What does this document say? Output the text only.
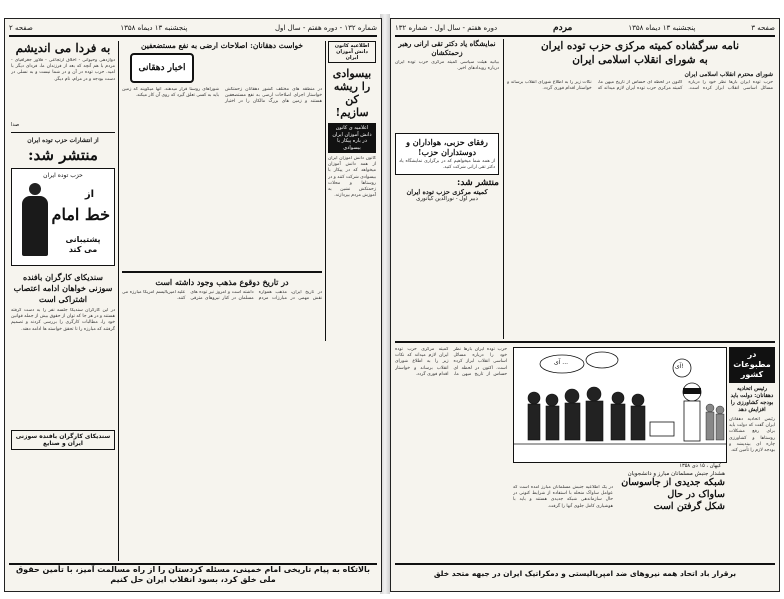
شماره ۱۳۲ - دوره هفتم - سال اول
پنجشنبه ۱۳ دیماه ۱۳۵۸
صفحه ۲
به فردا می اندیشم
دوازدهی وحیوانی - اخلاق ارتجاعی - فلاور جغرافیای - مردم با هم آنچه که بعد از فرزندان ما، فردای دیگر با امید. حزب توده در آن و در شما نیست و به نسلی در دست بودجه و در مرام، نام دیگر.
صدا
از انتشارات حزب توده ایران
منتشر شد:
حزب توده ایران
از
خط امام
پشتیبانی می کند
سندیکای کارگران بافنده سوزنی خواهان ادامه اعتصاب اشتراکی است
در این کارگران سندیکا جلسه نفر را به دست گرفته هستند و در هر جا که توان از حقوق بیش از جمله قوانین خود را، مطالبات کارگری را بررسی کردند و تصمیم گرفتند که مبارزه را تا تحقق خواسته ها ادامه دهند.
سندیکای کارگران بافنده سوزنی ایران و صنایع
خواست دهقانان: اصلاحات ارضی به نفع مستضعفین
اخبار دهقانی
در منطقه های مختلف کشور دهقانان زحمتکش خواستار اجرای اصلاحات ارضی به نفع مستضعفین هستند و زمین های بزرگ مالکان را در اختیار شوراهای روستا قرار میدهند. آنها میگویند که زمین باید به کسی تعلق گیرد که روی آن کار میکند.
در تاریخ دوقوع مذهب وجود داشته است
در تاریخ ایران، مذهب همواره نقش مهمی در مبارزات مردم داشته است و امروز نیز توده های مسلمان در کنار نیروهای مترقی علیه امپریالیسم آمریکا مبارزه می کنند.
اطلاعیه کانون دانش آموزان ایران
بیسوادی را ریشه کن سازیم!
اعلامیه ی کانون دانش آموزان ایران در باره پیکار با بیسوادی
کانون دانش آموزان ایران از همه دانش آموزان میخواهد که در پیکار با بیسوادی شرکت کنند و در روستاها و محلات زحمتکش نشین به آموزش مردم بپردازند.
بالاتکاه به پیام تاریخی امام خمینی، مسئله کردستان را از راه مسالمت آمیز، با تأمین حقوق ملی خلق کرد، بسود انقلاب ایران حل کنیم
صفحه ۳
پنجشنبه ۱۳ دیماه ۱۳۵۸
مردم
دوره هفتم - سال اول - شماره ۱۳۲
نامه سرگشاده کمیته مرکزی حزب توده ایران
به شورای انقلاب اسلامی ایران
شورای محترم انقلاب اسلامی ایران
حزب توده ایران بارها نظر خود را درباره مسائل اساسی انقلاب ابراز کرده است. اکنون در لحظه ای حساس از تاریخ میهن ما، کمیته مرکزی حزب توده ایران لازم میداند که نکات زیر را به اطلاع شورای انقلاب برساند و خواستار اقدام فوری گردد.
نمایشگاه یاد دکتر تقی ارانی رهبر زحمتکشان
بیانیه هیئت سیاسی کمیته مرکزی حزب توده ایران درباره رویدادهای اخیر.
رفقای حزبی، هواداران و دوستداران حزب!
از همه شما میخواهیم که در برگزاری نمایشگاه یاد دکتر تقی ارانی شرکت کنید.
منتشر شد:
کمیته مرکزی حزب توده ایران
دبیر اول - نورالدین کیانوری
آی ...
آی!
کیهان ، ۱۵ دی ۱۳۵۸
در مطبوعات کشور
رئیس اتحادیه دهقانان: دولت باید بودجه کشاورزی را افزایش دهد
رئیس اتحادیه دهقانان ایران گفت که دولت باید برای رفع مشکلات روستاها و کشاورزی چاره ای بیندیشد و بودجه لازم را تأمین کند.
حزب توده ایران بارها نظر خود را درباره مسائل اساسی انقلاب ابراز کرده است. اکنون در لحظه ای حساس از تاریخ میهن ما، کمیته مرکزی حزب توده ایران لازم میداند که نکات زیر را به اطلاع شورای انقلاب برساند و خواستار اقدام فوری گردد.
هشدار جنبش مسلمانان مبارز و دانشجویان
شبکه جدیدی از جاسوسان
ساواک در حال
شکل گرفتن است
در یک اطلاعیه جنبش مسلمانان مبارز آمده است که عوامل ساواک منحله با استفاده از شرایط کنونی در حال سازماندهی شبکه جدیدی هستند و باید با هوشیاری کامل جلوی آنها را گرفت.
برقرار باد اتحاد همه نیروهای ضد امپریالیستی و دمکراتیک ایران در جبهه متحد خلق
